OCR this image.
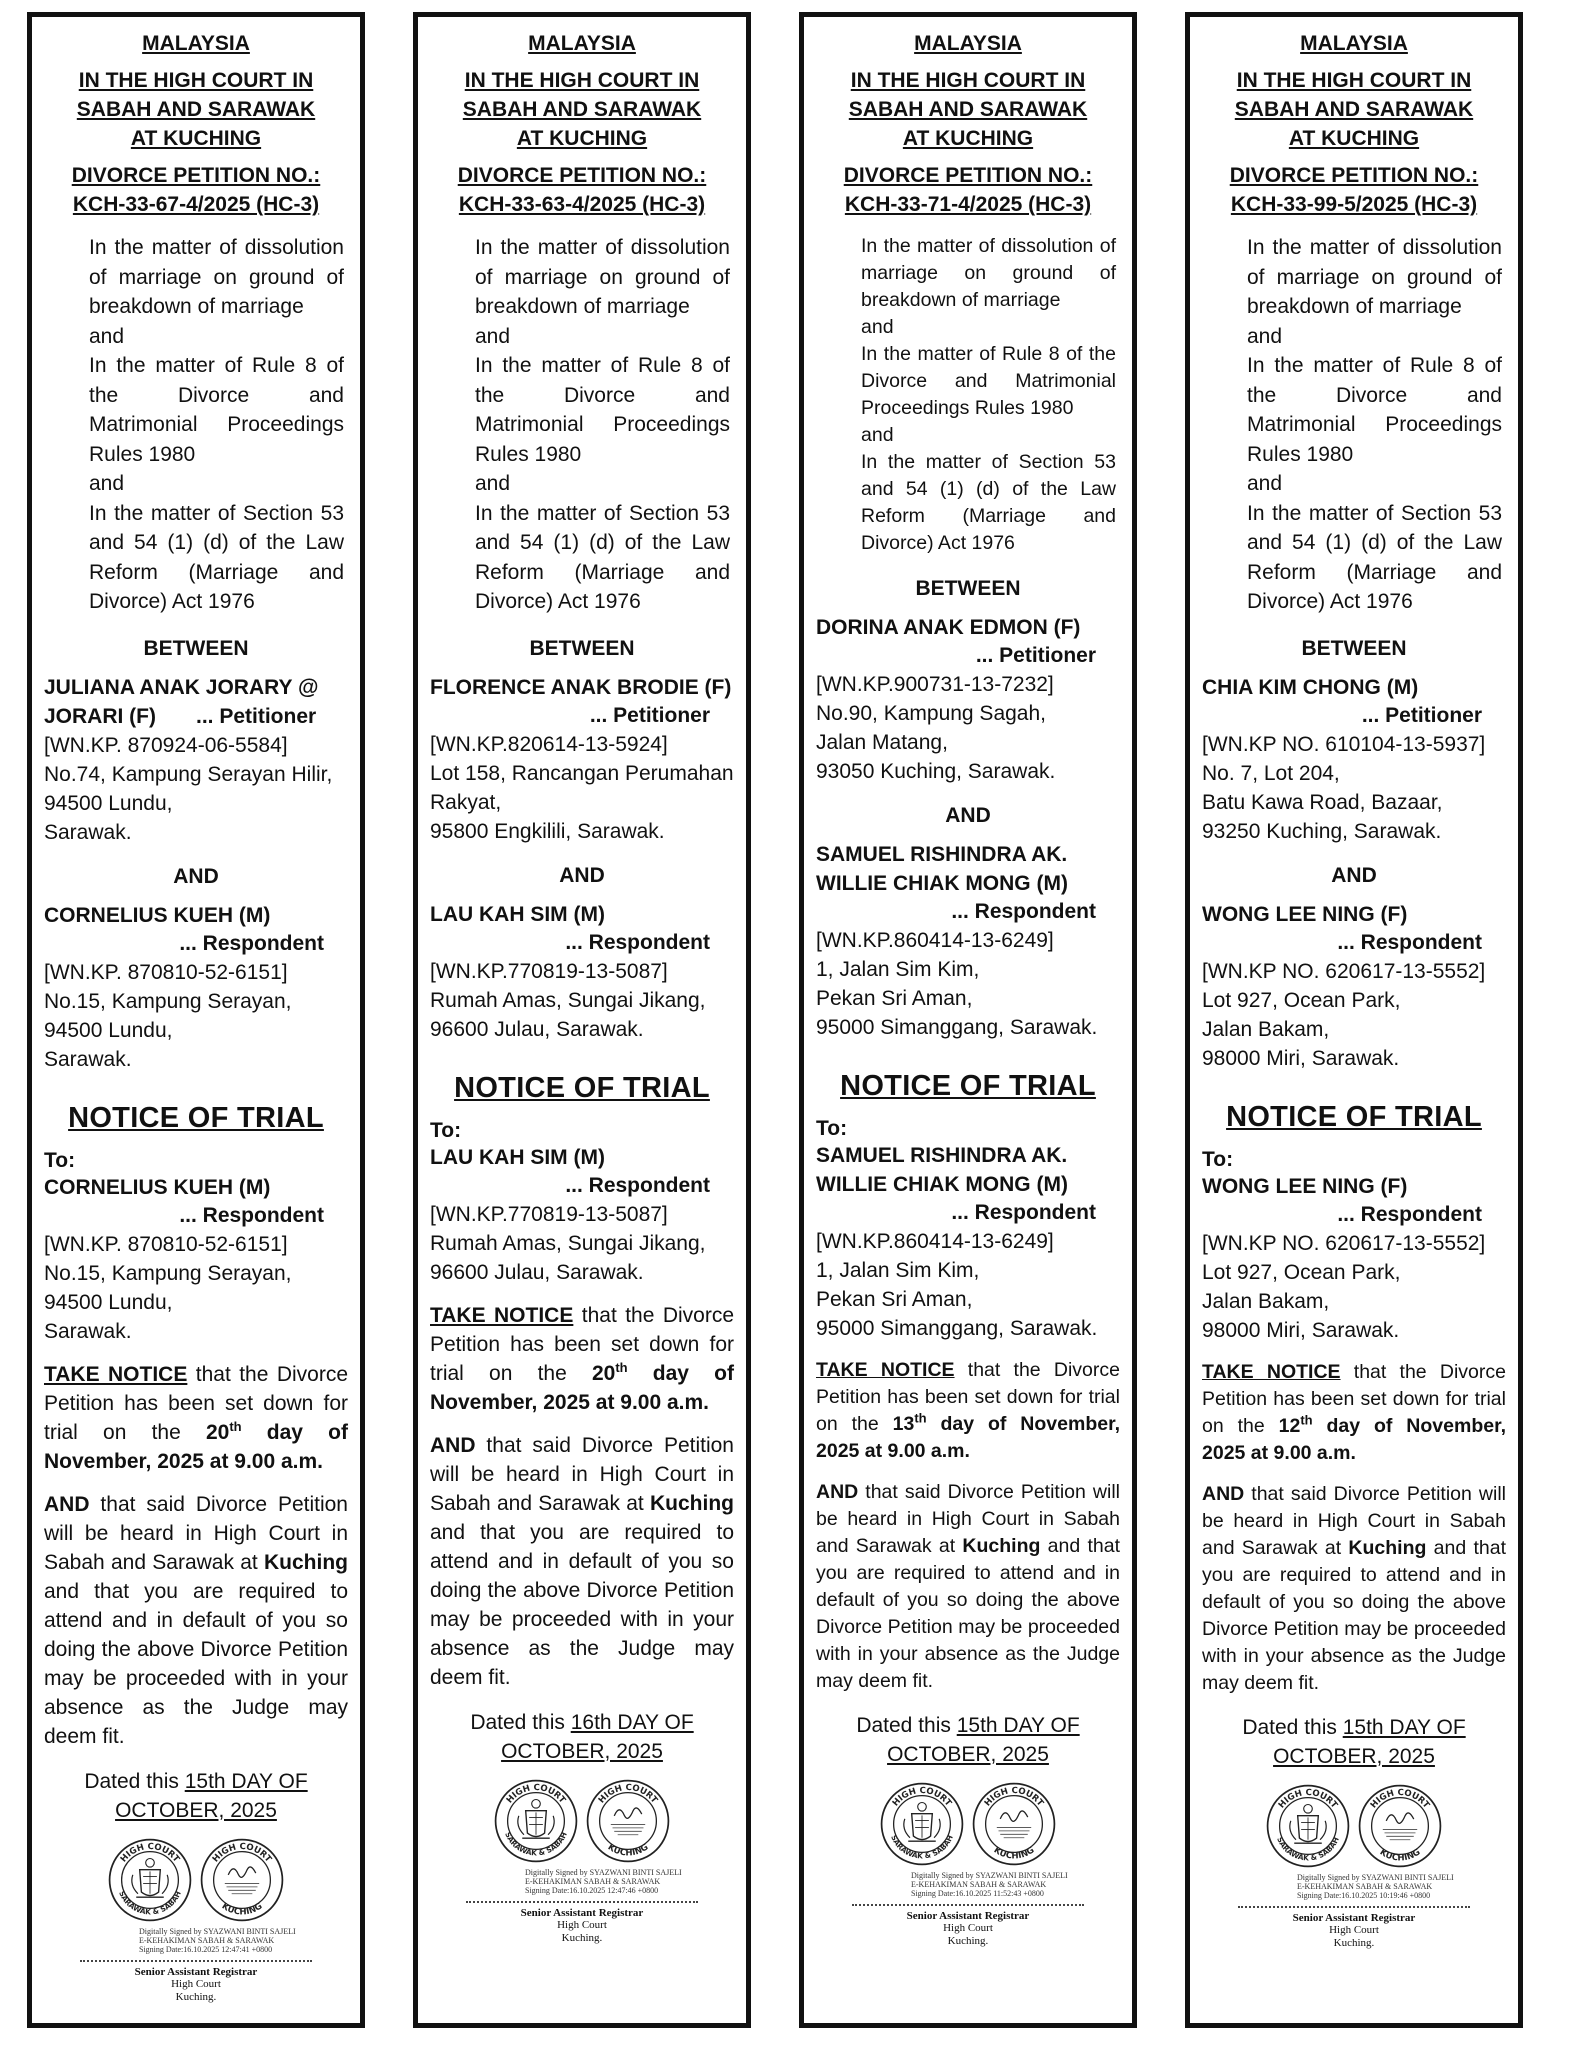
MALAYSIA
IN THE HIGH COURT IN
SABAH AND SARAWAK
AT KUCHING
DIVORCE PETITION NO.:
KCH-33-67-4/2025 (HC-3)
In the matter of dissolution of marriage on ground of breakdown of marriage
and
In the matter of Rule 8 of the Divorce and Matrimonial Proceedings Rules 1980
and
In the matter of Section 53 and 54 (1) (d) of the Law Reform (Marriage and Divorce) Act 1976
BETWEEN
JULIANA ANAK JORARY @
JORARI (F) ... Petitioner
[WN.KP. 870924-06-5584]
No.74, Kampung Serayan Hilir,
94500 Lundu,
Sarawak.
AND
CORNELIUS KUEH (M)
... Respondent
[WN.KP. 870810-52-6151]
No.15, Kampung Serayan,
94500 Lundu,
Sarawak.
NOTICE OF TRIAL
To:
CORNELIUS KUEH (M)
... Respondent
[WN.KP. 870810-52-6151]
No.15, Kampung Serayan,
94500 Lundu,
Sarawak.
TAKE NOTICE that the Divorce Petition has been set down for trial on the 20th day of November, 2025 at 9.00 a.m.
AND that said Divorce Petition will be heard in High Court in Sabah and Sarawak at Kuching and that you are required to attend and in default of you so doing the above Divorce Petition may be proceeded with in your absence as the Judge may deem fit.
Dated this 15th DAY OF
OCTOBER, 2025
HIGH COURT
SARAWAK & SABAH
HIGH COURT
KUCHING
Digitally Signed by SYAZWANI BINTI SAJELI
E-KEHAKIMAN SABAH & SARAWAK
Signing Date:16.10.2025 12:47:41 +0800
Senior Assistant Registrar
High Court
Kuching.
MALAYSIA
IN THE HIGH COURT IN
SABAH AND SARAWAK
AT KUCHING
DIVORCE PETITION NO.:
KCH-33-63-4/2025 (HC-3)
In the matter of dissolution of marriage on ground of breakdown of marriage
and
In the matter of Rule 8 of the Divorce and Matrimonial Proceedings Rules 1980
and
In the matter of Section 53 and 54 (1) (d) of the Law Reform (Marriage and Divorce) Act 1976
BETWEEN
FLORENCE ANAK BRODIE (F)
... Petitioner
[WN.KP.820614-13-5924]
Lot 158, Rancangan Perumahan Rakyat,
95800 Engkilili, Sarawak.
AND
LAU KAH SIM (M)
... Respondent
[WN.KP.770819-13-5087]
Rumah Amas, Sungai Jikang,
96600 Julau, Sarawak.
NOTICE OF TRIAL
To:
LAU KAH SIM (M)
... Respondent
[WN.KP.770819-13-5087]
Rumah Amas, Sungai Jikang,
96600 Julau, Sarawak.
TAKE NOTICE that the Divorce Petition has been set down for trial on the 20th day of November, 2025 at 9.00 a.m.
AND that said Divorce Petition will be heard in High Court in Sabah and Sarawak at Kuching and that you are required to attend and in default of you so doing the above Divorce Petition may be proceeded with in your absence as the Judge may deem fit.
Dated this 16th DAY OF
OCTOBER, 2025
HIGH COURT
SARAWAK & SABAH
HIGH COURT
KUCHING
Digitally Signed by SYAZWANI BINTI SAJELI
E-KEHAKIMAN SABAH & SARAWAK
Signing Date:16.10.2025 12:47:46 +0800
Senior Assistant Registrar
High Court
Kuching.
MALAYSIA
IN THE HIGH COURT IN
SABAH AND SARAWAK
AT KUCHING
DIVORCE PETITION NO.:
KCH-33-71-4/2025 (HC-3)
In the matter of dissolution of marriage on ground of breakdown of marriage
and
In the matter of Rule 8 of the Divorce and Matrimonial Proceedings Rules 1980
and
In the matter of Section 53 and 54 (1) (d) of the Law Reform (Marriage and Divorce) Act 1976
BETWEEN
DORINA ANAK EDMON (F)
... Petitioner
[WN.KP.900731-13-7232]
No.90, Kampung Sagah,
Jalan Matang,
93050 Kuching, Sarawak.
AND
SAMUEL RISHINDRA AK.
WILLIE CHIAK MONG (M)
... Respondent
[WN.KP.860414-13-6249]
1, Jalan Sim Kim,
Pekan Sri Aman,
95000 Simanggang, Sarawak.
NOTICE OF TRIAL
To:
SAMUEL RISHINDRA AK.
WILLIE CHIAK MONG (M)
... Respondent
[WN.KP.860414-13-6249]
1, Jalan Sim Kim,
Pekan Sri Aman,
95000 Simanggang, Sarawak.
TAKE NOTICE that the Divorce Petition has been set down for trial on the 13th day of November, 2025 at 9.00 a.m.
AND that said Divorce Petition will be heard in High Court in Sabah and Sarawak at Kuching and that you are required to attend and in default of you so doing the above Divorce Petition may be proceeded with in your absence as the Judge may deem fit.
Dated this 15th DAY OF
OCTOBER, 2025
HIGH COURT
SARAWAK & SABAH
HIGH COURT
KUCHING
Digitally Signed by SYAZWANI BINTI SAJELI
E-KEHAKIMAN SABAH & SARAWAK
Signing Date:16.10.2025 11:52:43 +0800
Senior Assistant Registrar
High Court
Kuching.
MALAYSIA
IN THE HIGH COURT IN
SABAH AND SARAWAK
AT KUCHING
DIVORCE PETITION NO.:
KCH-33-99-5/2025 (HC-3)
In the matter of dissolution of marriage on ground of breakdown of marriage
and
In the matter of Rule 8 of the Divorce and Matrimonial Proceedings Rules 1980
and
In the matter of Section 53 and 54 (1) (d) of the Law Reform (Marriage and Divorce) Act 1976
BETWEEN
CHIA KIM CHONG (M)
... Petitioner
[WN.KP NO. 610104-13-5937]
No. 7, Lot 204,
Batu Kawa Road, Bazaar,
93250 Kuching, Sarawak.
AND
WONG LEE NING (F)
... Respondent
[WN.KP NO. 620617-13-5552]
Lot 927, Ocean Park,
Jalan Bakam,
98000 Miri, Sarawak.
NOTICE OF TRIAL
To:
WONG LEE NING (F)
... Respondent
[WN.KP NO. 620617-13-5552]
Lot 927, Ocean Park,
Jalan Bakam,
98000 Miri, Sarawak.
TAKE NOTICE that the Divorce Petition has been set down for trial on the 12th day of November, 2025 at 9.00 a.m.
AND that said Divorce Petition will be heard in High Court in Sabah and Sarawak at Kuching and that you are required to attend and in default of you so doing the above Divorce Petition may be proceeded with in your absence as the Judge may deem fit.
Dated this 15th DAY OF
OCTOBER, 2025
HIGH COURT
SARAWAK & SABAH
HIGH COURT
KUCHING
Digitally Signed by SYAZWANI BINTI SAJELI
E-KEHAKIMAN SABAH & SARAWAK
Signing Date:16.10.2025 10:19:46 +0800
Senior Assistant Registrar
High Court
Kuching.
